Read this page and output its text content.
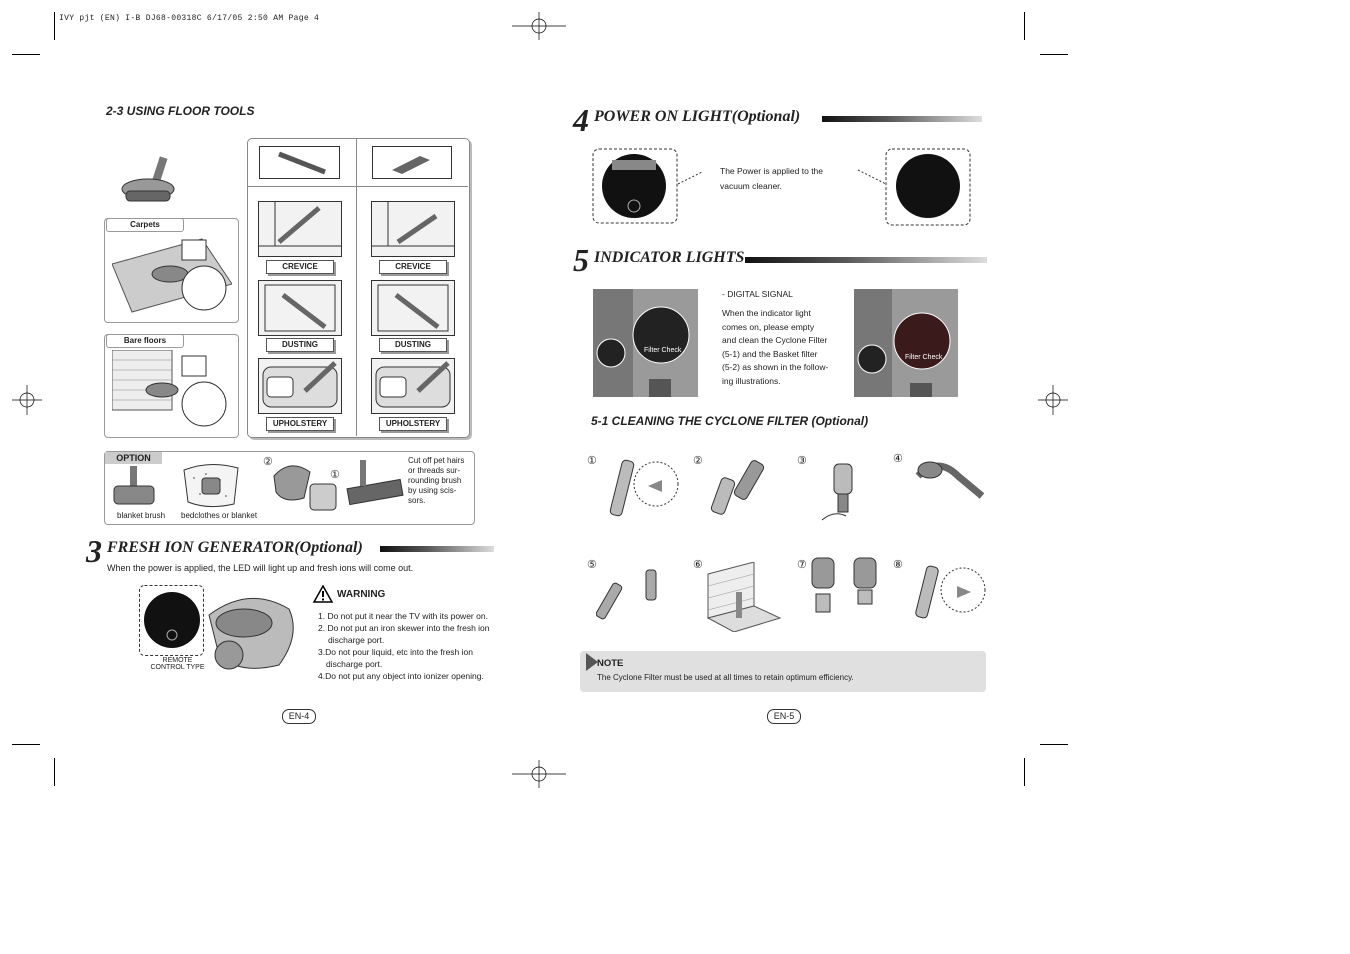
IVY pjt (EN) I-B DJ68-00318C 6/17/05 2:50 AM Page 4
2-3 USING FLOOR TOOLS
Carpets
Bare floors
CREVICE	CREVICE
DUSTING	DUSTING
UPHOLSTERY	UPHOLSTERY
OPTION
blanket brush bedclothes or blanket
②
①
Cut off pet hairs
or threads sur-
rounding brush
by using scis-
sors.
3 FRESH ION GENERATOR(Optional)
When the power is applied, the LED will light up and fresh ions will come out.
REMOTE
CONTROL TYPE
WARNING
1. Do not put it near the TV with its power on.
2. Do not put an iron skewer into the fresh ion
discharge port.
3.Do not pour liquid, etc into the fresh ion
discharge port.
4.Do not put any object into ionizer opening.
EN-4
4 POWER ON LIGHT(Optional)
The Power is applied to the
vacuum cleaner.
5 INDICATOR LIGHTS
Filter Check
- DIGITAL SIGNAL
When the indicator light
comes on, please empty
and clean the Cyclone Filter
(5-1) and the Basket filter
(5-2) as shown in the follow-
ing illustrations.
Filter Check
5-1 CLEANING THE CYCLONE FILTER (Optional)
①	②	③	④
⑤	⑥	⑦	⑧
NOTE
The Cyclone Filter must be used at all times to retain optimum efficiency.
EN-5
